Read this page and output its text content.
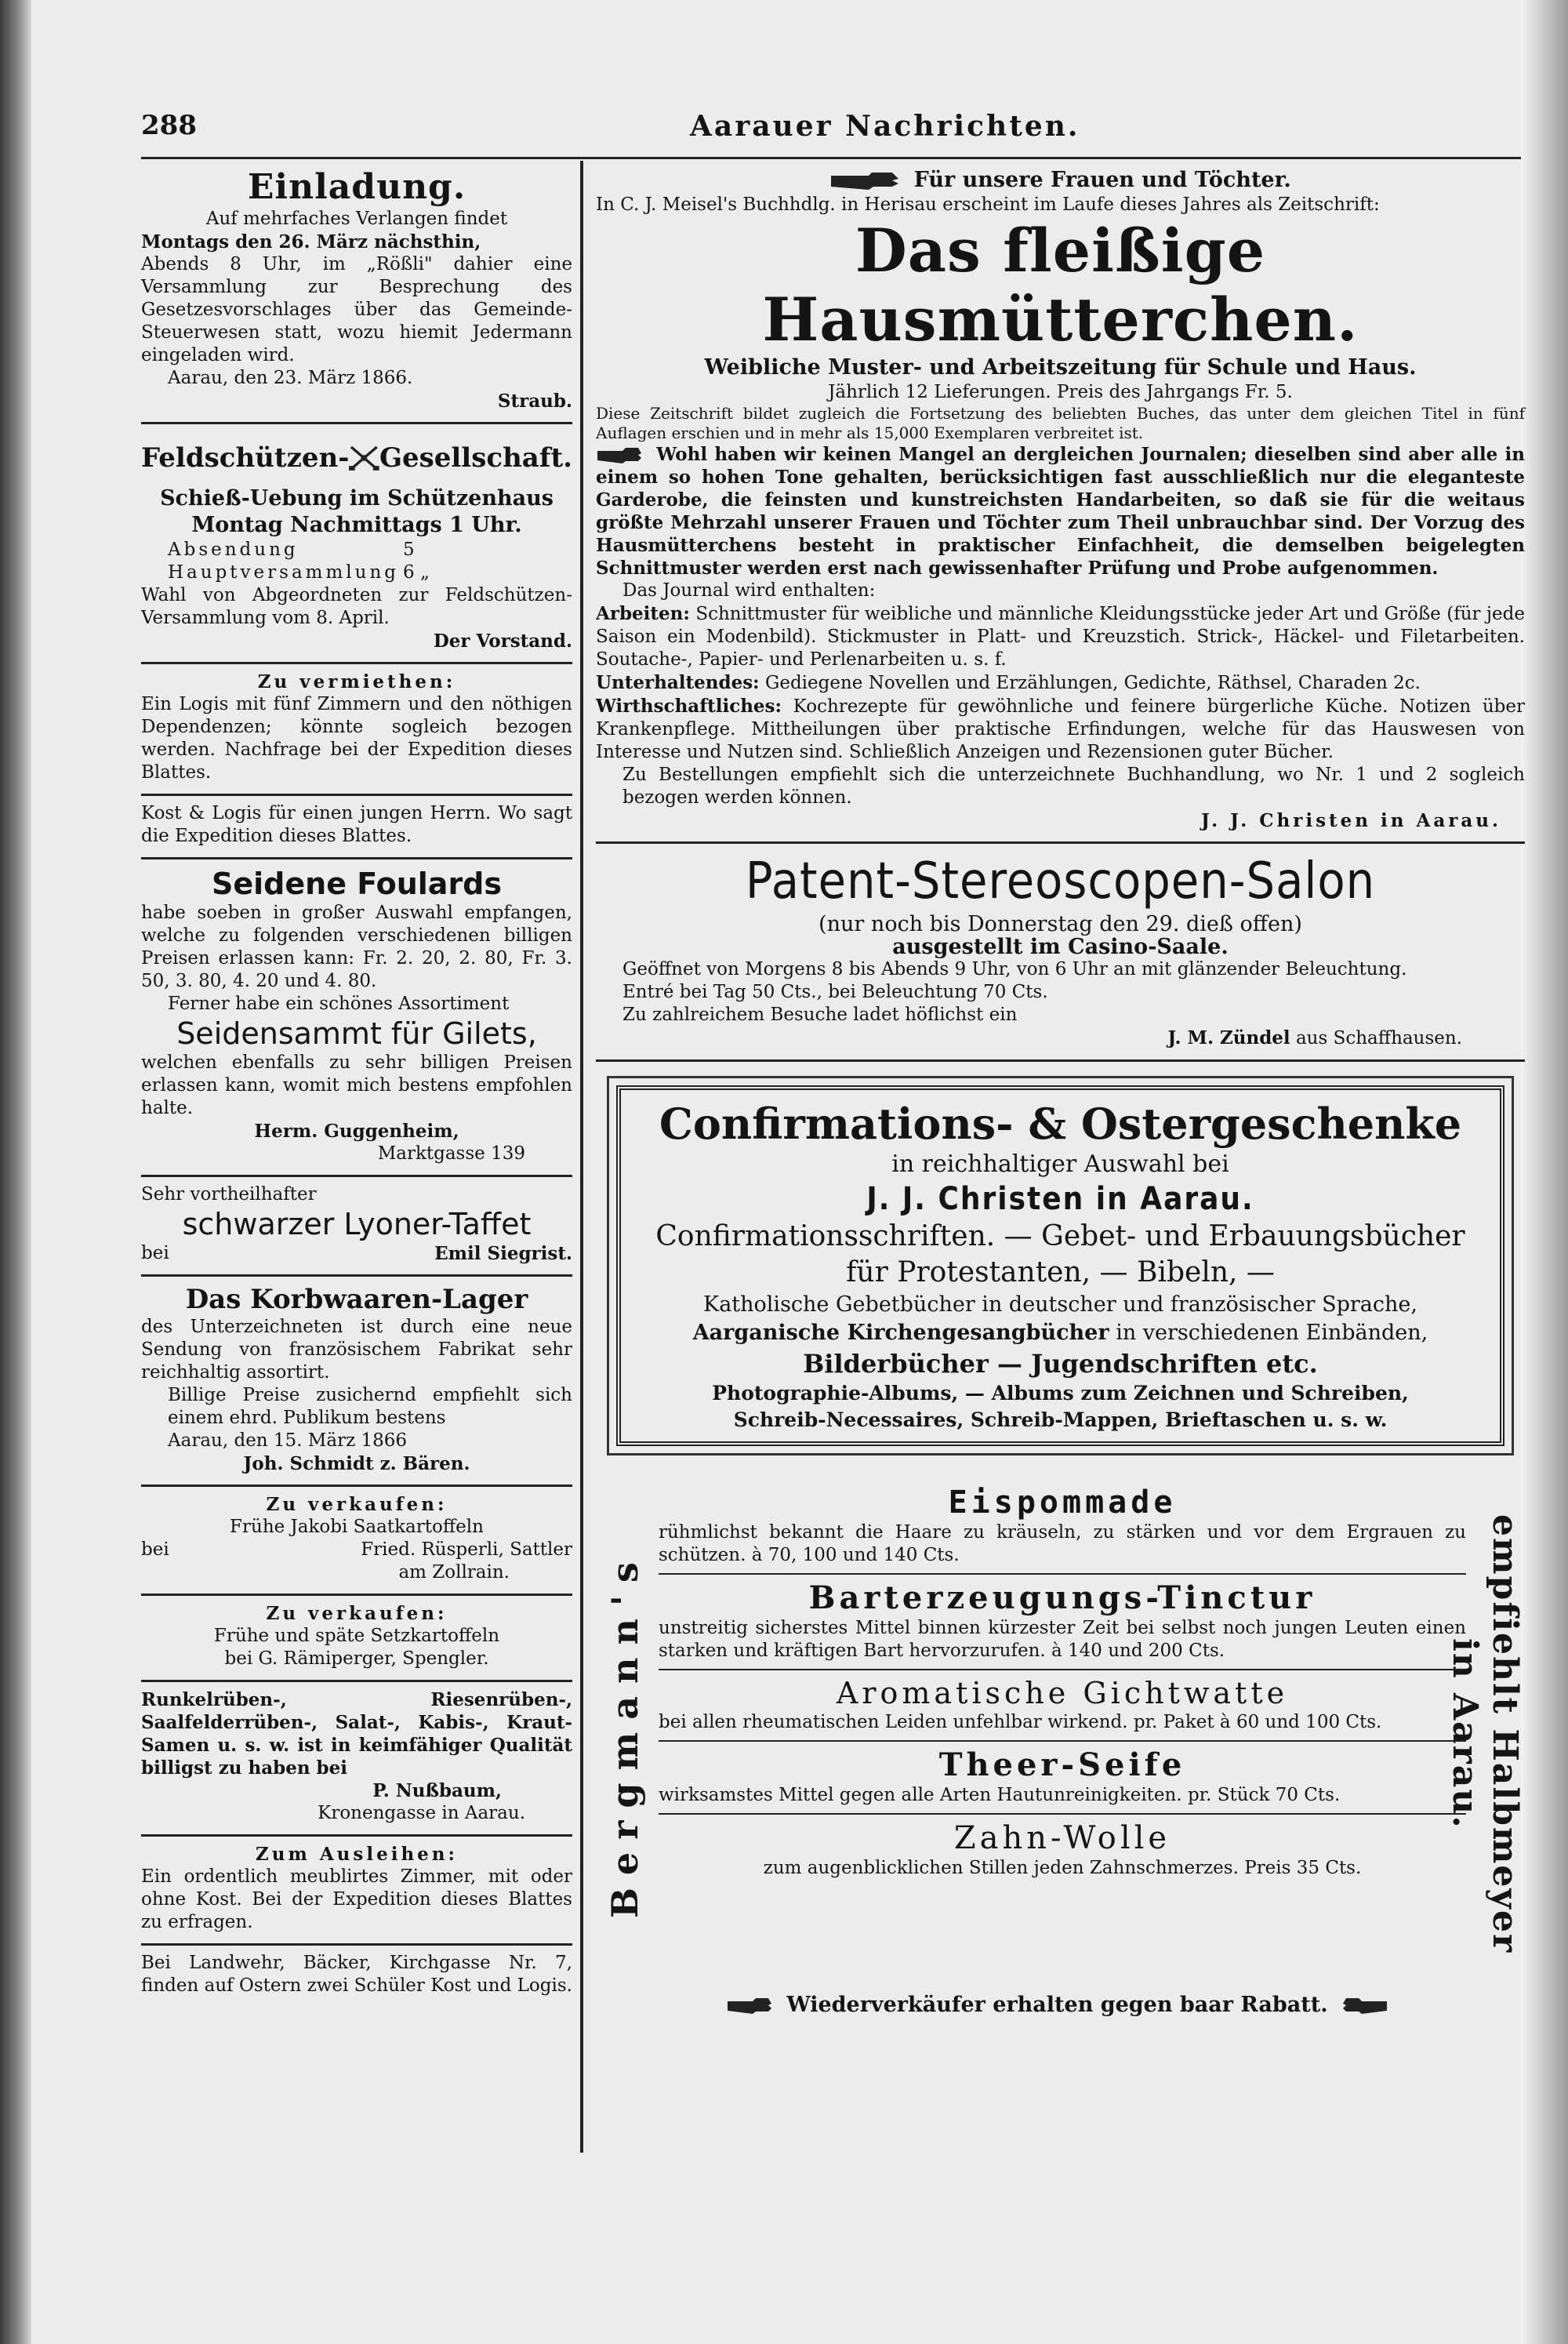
288	Aarauer Nachrichten.
Einladung.
Auf mehrfaches Verlangen findet
Montags den 26. März nächsthin,
Abends 8 Uhr, im „Rößli" dahier eine Versammlung zur Besprechung des Gesetzesvorschlages über das Gemeinde-Steuerwesen statt, wozu hiemit Jedermann eingeladen wird.
Aarau, den 23. März 1866.
Straub.
Feldschützen- Gesellschaft.
Schieß-Uebung im Schützenhaus
Montag Nachmittags 1 Uhr.
Absendung	5
Hauptversammlung 6 „
Wahl von Abgeordneten zur Feldschützen-Versammlung vom 8. April.
Der Vorstand.
Zu vermiethen:
Ein Logis mit fünf Zimmern und den nöthigen Dependenzen; könnte sogleich bezogen werden. Nachfrage bei der Expedition dieses Blattes.
Kost & Logis für einen jungen Herrn. Wo sagt die Expedition dieses Blattes.
Seidene Foulards
habe soeben in großer Auswahl empfangen, welche zu folgenden verschiedenen billigen Preisen erlassen kann: Fr. 2. 20, 2. 80, Fr. 3. 50, 3. 80, 4. 20 und 4. 80.
Ferner habe ein schönes Assortiment
Seidensammt für Gilets,
welchen ebenfalls zu sehr billigen Preisen erlassen kann, womit mich bestens empfohlen halte.
Herm. Guggenheim,
Marktgasse 139
Sehr vortheilhafter
schwarzer Lyoner-Taffet
bei	Emil Siegrist.
Das Korbwaaren-Lager
des Unterzeichneten ist durch eine neue Sendung von französischem Fabrikat sehr reichhaltig assortirt.
Billige Preise zusichernd empfiehlt sich einem ehrd. Publikum bestens
Aarau, den 15. März 1866
Joh. Schmidt z. Bären.
Zu verkaufen:
Frühe Jakobi Saatkartoffeln
bei	Fried. Rüsperli, Sattler
am Zollrain.
Zu verkaufen:
Frühe und späte Setzkartoffeln
bei G. Rämiperger, Spengler.
Runkelrüben-, Riesenrüben-, Saalfelderrüben-, Salat-, Kabis-, Kraut-Samen u. s. w. ist in keimfähiger Qualität billigst zu haben bei
P. Nußbaum,
Kronengasse in Aarau.
Zum Ausleihen:
Ein ordentlich meublirtes Zimmer, mit oder ohne Kost. Bei der Expedition dieses Blattes zu erfragen.
Bei Landwehr, Bäcker, Kirchgasse Nr. 7, finden auf Ostern zwei Schüler Kost und Logis.
Für unsere Frauen und Töchter.
In C. J. Meisel's Buchhdlg. in Herisau erscheint im Laufe dieses Jahres als Zeitschrift:
Das fleißige Hausmütterchen.
Weibliche Muster- und Arbeitszeitung für Schule und Haus.
Jährlich 12 Lieferungen. Preis des Jahrgangs Fr. 5.
Diese Zeitschrift bildet zugleich die Fortsetzung des beliebten Buches, das unter dem gleichen Titel in fünf Auflagen erschien und in mehr als 15,000 Exemplaren verbreitet ist.
Wohl haben wir keinen Mangel an dergleichen Journalen; dieselben sind aber alle in einem so hohen Tone gehalten, berücksichtigen fast ausschließlich nur die eleganteste Garderobe, die feinsten und kunstreichsten Handarbeiten, so daß sie für die weitaus größte Mehrzahl unserer Frauen und Töchter zum Theil unbrauchbar sind. Der Vorzug des Hausmütterchens besteht in praktischer Einfachheit, die demselben beigelegten Schnittmuster werden erst nach gewissenhafter Prüfung und Probe aufgenommen.
Das Journal wird enthalten:
Arbeiten: Schnittmuster für weibliche und männliche Kleidungsstücke jeder Art und Größe (für jede Saison ein Modenbild). Stickmuster in Platt- und Kreuzstich. Strick-, Häckel- und Filetarbeiten. Soutache-, Papier- und Perlenarbeiten u. s. f.
Unterhaltendes: Gediegene Novellen und Erzählungen, Gedichte, Räthsel, Charaden 2c.
Wirthschaftliches: Kochrezepte für gewöhnliche und feinere bürgerliche Küche. Notizen über Krankenpflege. Mittheilungen über praktische Erfindungen, welche für das Hauswesen von Interesse und Nutzen sind. Schließlich Anzeigen und Rezensionen guter Bücher.
Zu Bestellungen empfiehlt sich die unterzeichnete Buchhandlung, wo Nr. 1 und 2 sogleich bezogen werden können.
J. J. Christen in Aarau.
Patent-Stereoscopen-Salon
(nur noch bis Donnerstag den 29. dieß offen)
ausgestellt im Casino-Saale.
Geöffnet von Morgens 8 bis Abends 9 Uhr, von 6 Uhr an mit glänzender Beleuchtung.
Entré bei Tag 50 Cts., bei Beleuchtung 70 Cts.
Zu zahlreichem Besuche ladet höflichst ein
J. M. Zündel aus Schaffhausen.
Confirmations- & Ostergeschenke
in reichhaltiger Auswahl bei
J. J. Christen in Aarau.
Confirmationsschriften. — Gebet- und Erbauungsbücher
für Protestanten, — Bibeln, —
Katholische Gebetbücher in deutscher und französischer Sprache,
Aarganische Kirchengesangbücher in verschiedenen Einbänden,
Bilderbücher — Jugendschriften etc.
Photographie-Albums, — Albums zum Zeichnen und Schreiben,
Schreib-Necessaires, Schreib-Mappen, Brieftaschen u. s. w.
Bergmann's	empfiehlt Halbmeyer in Aarau.
Eispommade
rühmlichst bekannt die Haare zu kräuseln, zu stärken und vor dem Ergrauen zu schützen. à 70, 100 und 140 Cts.
Barterzeugungs-Tinctur
unstreitig sicherstes Mittel binnen kürzester Zeit bei selbst noch jungen Leuten einen starken und kräftigen Bart hervorzurufen. à 140 und 200 Cts.
Aromatische Gichtwatte
bei allen rheumatischen Leiden unfehlbar wirkend. pr. Paket à 60 und 100 Cts.
Theer-Seife
wirksamstes Mittel gegen alle Arten Hautunreinigkeiten. pr. Stück 70 Cts.
Zahn-Wolle
zum augenblicklichen Stillen jeden Zahnschmerzes. Preis 35 Cts.
Wiederverkäufer erhalten gegen baar Rabatt.
